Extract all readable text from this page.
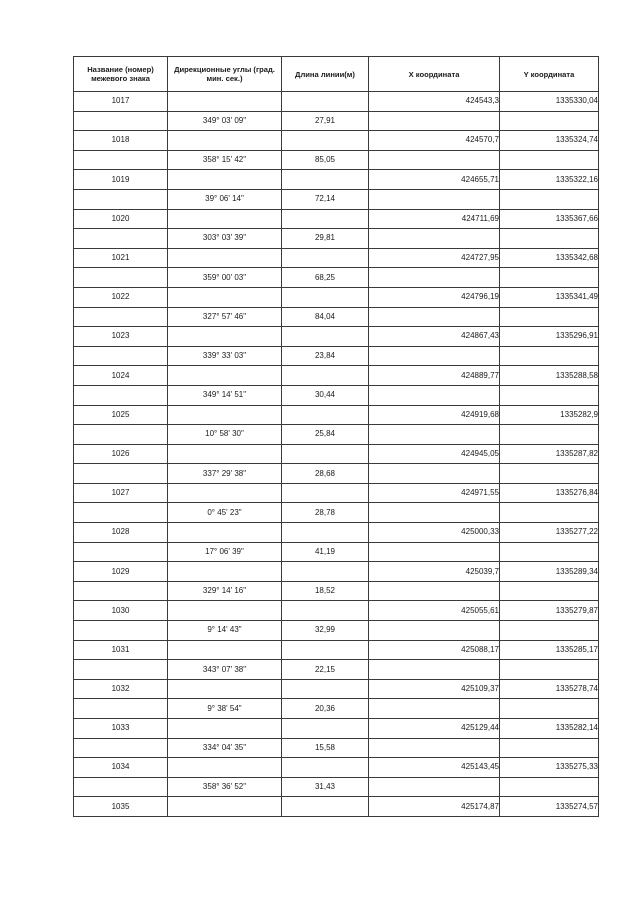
Название (номер) межевого знака	Дирекционные углы (град. мин. сек.)	Длина линии(м)	Х координата	Y координата
1017			424543,3	1335330,04
	349° 03' 09"	27,91		
1018			424570,7	1335324,74
	358° 15' 42"	85,05		
1019			424655,71	1335322,16
	39° 06' 14"	72,14		
1020			424711,69	1335367,66
	303° 03' 39"	29,81		
1021			424727,95	1335342,68
	359° 00' 03"	68,25		
1022			424796,19	1335341,49
	327° 57' 46"	84,04		
1023			424867,43	1335296,91
	339° 33' 03"	23,84		
1024			424889,77	1335288,58
	349° 14' 51"	30,44		
1025			424919,68	1335282,9
	10° 58' 30"	25,84		
1026			424945,05	1335287,82
	337° 29' 38"	28,68		
1027			424971,55	1335276,84
	0° 45' 23"	28,78		
1028			425000,33	1335277,22
	17° 06' 39"	41,19		
1029			425039,7	1335289,34
	329° 14' 16"	18,52		
1030			425055,61	1335279,87
	9° 14' 43"	32,99		
1031			425088,17	1335285,17
	343° 07' 38"	22,15		
1032			425109,37	1335278,74
	9° 38' 54"	20,36		
1033			425129,44	1335282,14
	334° 04' 35"	15,58		
1034			425143,45	1335275,33
	358° 36' 52"	31,43		
1035			425174,87	1335274,57
